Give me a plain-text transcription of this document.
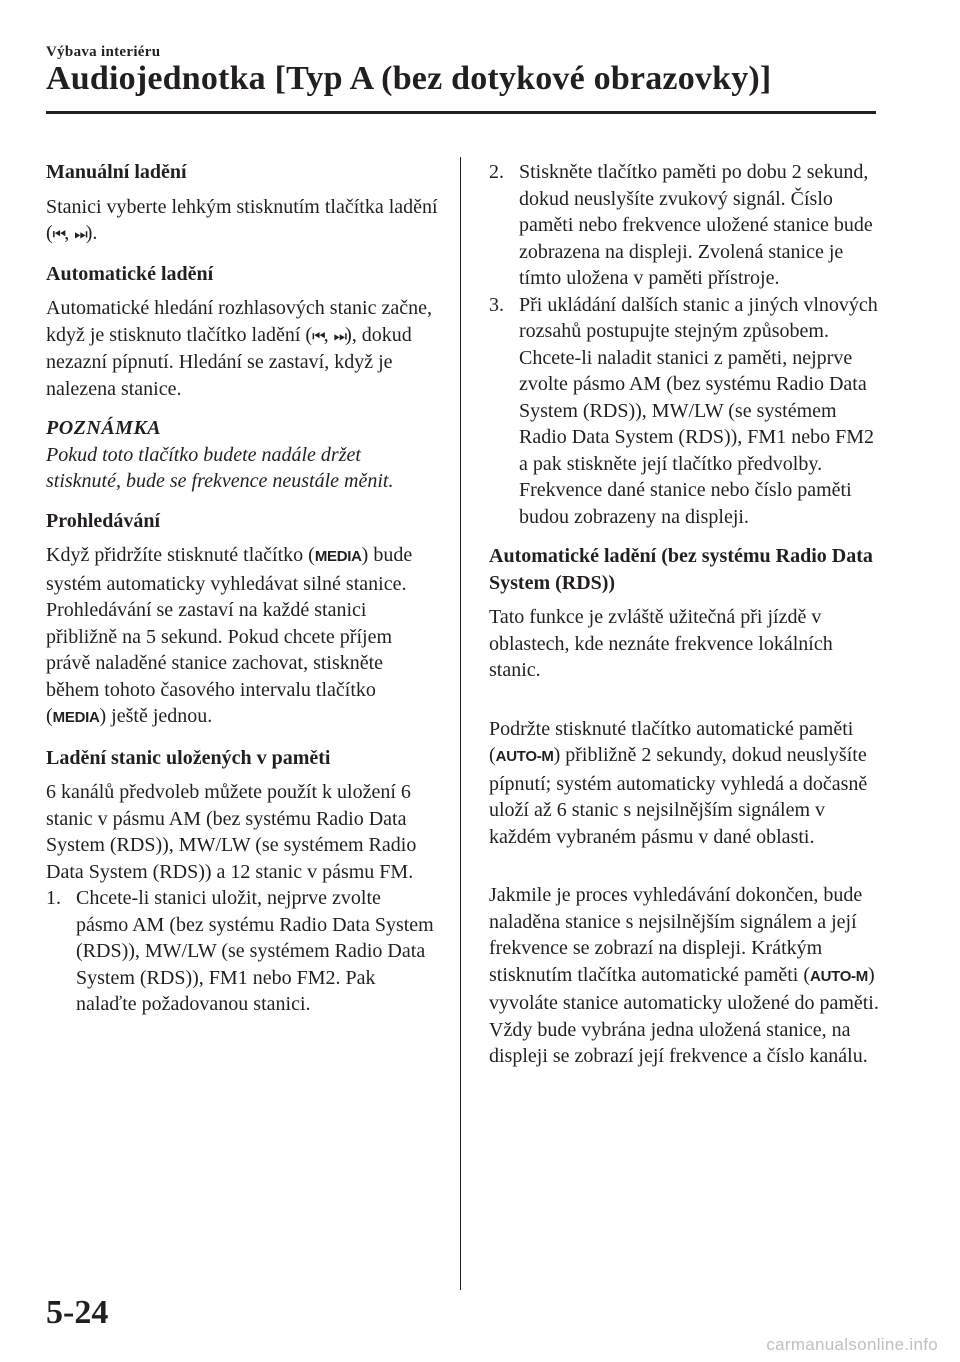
Výbava interiéru
Audiojednotka [Typ A (bez dotykové obrazovky)]

Manuální ladění

Stanici vyberte lehkým stisknutím tlačítka ladění (⏮, ⏭).

Automatické ladění

Automatické hledání rozhlasových stanic začne, když je stisknuto tlačítko ladění (⏮, ⏭), dokud nezazní pípnutí. Hledání se zastaví, když je nalezena stanice.

POZNÁMKA

Pokud toto tlačítko budete nadále držet stisknuté, bude se frekvence neustále měnit.

Prohledávání

Když přidržíte stisknuté tlačítko (MEDIA) bude systém automaticky vyhledávat silné stanice. Prohledávání se zastaví na každé stanici přibližně na 5 sekund. Pokud chcete příjem právě naladěné stanice zachovat, stiskněte během tohoto časového intervalu tlačítko (MEDIA) ještě jednou.

Ladění stanic uložených v paměti

6 kanálů předvoleb můžete použít k uložení 6 stanic v pásmu AM (bez systému Radio Data System (RDS)), MW/LW (se systémem Radio Data System (RDS)) a 12 stanic v pásmu FM.

1. Chcete-li stanici uložit, nejprve zvolte pásmo AM (bez systému Radio Data System (RDS)), MW/LW (se systémem Radio Data System (RDS)), FM1 nebo FM2. Pak nalaďte požadovanou stanici.
2. Stiskněte tlačítko paměti po dobu 2 sekund, dokud neuslyšíte zvukový signál. Číslo paměti nebo frekvence uložené stanice bude zobrazena na displeji. Zvolená stanice je tímto uložena v paměti přístroje.
3. Při ukládání dalších stanic a jiných vlnových rozsahů postupujte stejným způsobem. Chcete-li naladit stanici z paměti, nejprve zvolte pásmo AM (bez systému Radio Data System (RDS)), MW/LW (se systémem Radio Data System (RDS)), FM1 nebo FM2 a pak stiskněte její tlačítko předvolby. Frekvence dané stanice nebo číslo paměti budou zobrazeny na displeji.

Automatické ladění (bez systému Radio Data System (RDS))

Tato funkce je zvláště užitečná při jízdě v oblastech, kde neznáte frekvence lokálních stanic.

Podržte stisknuté tlačítko automatické paměti (AUTO-M) přibližně 2 sekundy, dokud neuslyšíte pípnutí; systém automaticky vyhledá a dočasně uloží až 6 stanic s nejsilnějším signálem v každém vybraném pásmu v dané oblasti.

Jakmile je proces vyhledávání dokončen, bude naladěna stanice s nejsilnějším signálem a její frekvence se zobrazí na displeji. Krátkým stisknutím tlačítka automatické paměti (AUTO-M) vyvoláte stanice automaticky uložené do paměti. Vždy bude vybrána jedna uložená stanice, na displeji se zobrazí její frekvence a číslo kanálu.

5-24
carmanualsonline.info
